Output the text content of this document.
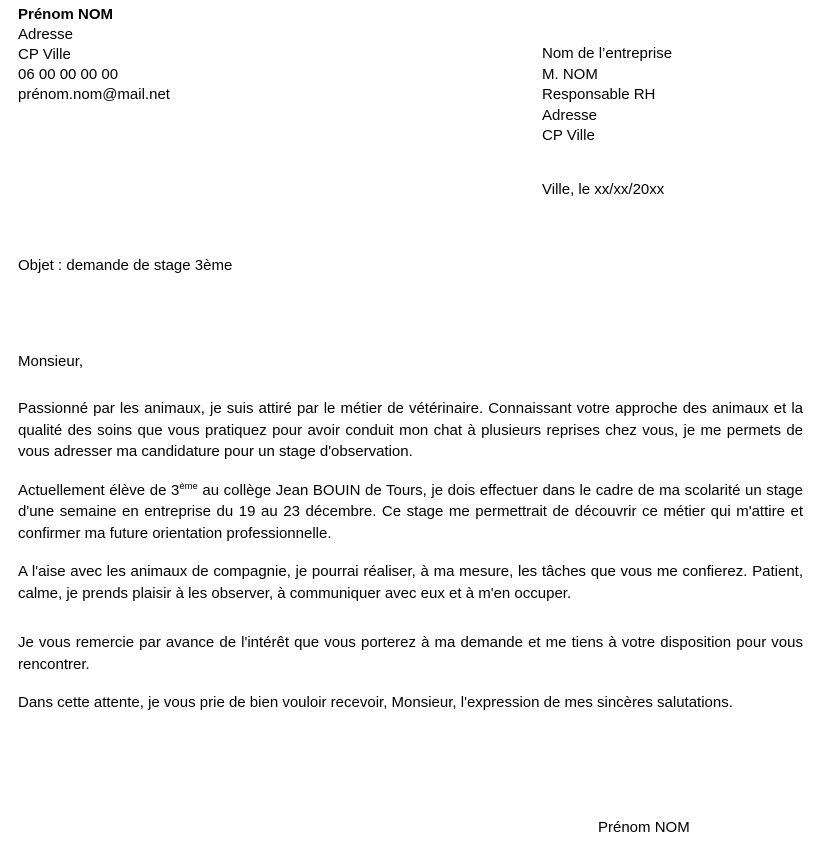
Prénom NOM
Adresse
CP Ville
06 00 00 00 00
prénom.nom@mail.net
Nom de l’entreprise
M. NOM
Responsable RH
Adresse
CP Ville
Ville, le xx/xx/20xx
Objet : demande de stage 3ème

Monsieur,

Passionné par les animaux, je suis attiré par le métier de vétérinaire. Connaissant votre approche des animaux et la qualité des soins que vous pratiquez pour avoir conduit mon chat à plusieurs reprises chez vous, je me permets de vous adresser ma candidature pour un stage d'observation.

Actuellement élève de 3ème au collège Jean BOUIN de Tours, je dois effectuer dans le cadre de ma scolarité un stage d'une semaine en entreprise du 19 au 23 décembre. Ce stage me permettrait de découvrir ce métier qui m'attire et confirmer ma future orientation professionnelle.

A l'aise avec les animaux de compagnie, je pourrai réaliser, à ma mesure, les tâches que vous me confierez. Patient, calme, je prends plaisir à les observer, à communiquer avec eux et à m'en occuper.

Je vous remercie par avance de l'intérêt que vous porterez à ma demande et me tiens à votre disposition pour vous rencontrer.

Dans cette attente, je vous prie de bien vouloir recevoir, Monsieur, l'expression de mes sincères salutations.

Prénom NOM
